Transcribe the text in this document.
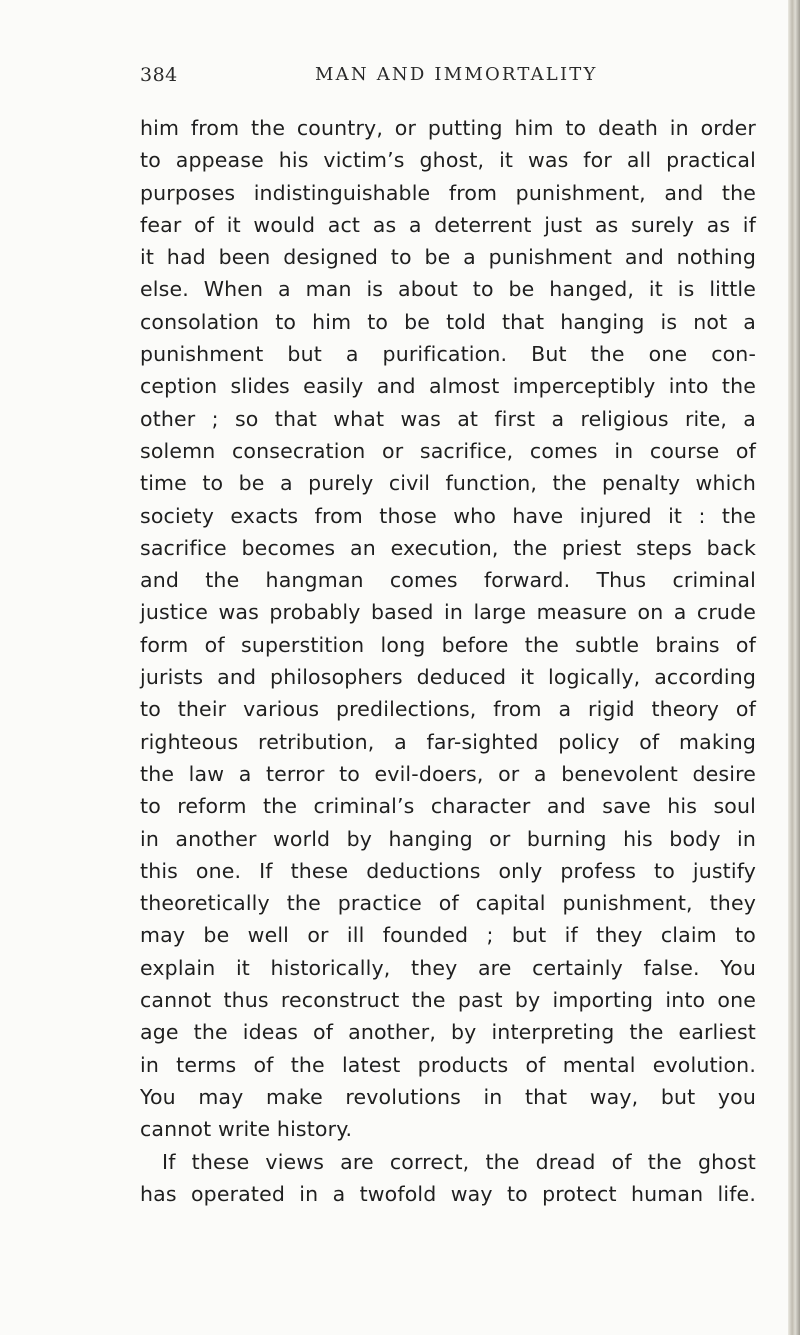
384	MAN AND IMMORTALITY
him from the country, or putting him to death in order
to appease his victim’s ghost, it was for all practical
purposes indistinguishable from punishment, and the
fear of it would act as a deterrent just as surely as if
it had been designed to be a punishment and nothing
else. When a man is about to be hanged, it is little
consolation to him to be told that hanging is not a
punishment but a purification. But the one con-
ception slides easily and almost imperceptibly into the
other ; so that what was at first a religious rite, a
solemn consecration or sacrifice, comes in course of
time to be a purely civil function, the penalty which
society exacts from those who have injured it : the
sacrifice becomes an execution, the priest steps back
and the hangman comes forward. Thus criminal
justice was probably based in large measure on a crude
form of superstition long before the subtle brains of
jurists and philosophers deduced it logically, according
to their various predilections, from a rigid theory of
righteous retribution, a far-sighted policy of making
the law a terror to evil-doers, or a benevolent desire
to reform the criminal’s character and save his soul
in another world by hanging or burning his body in
this one. If these deductions only profess to justify
theoretically the practice of capital punishment, they
may be well or ill founded ; but if they claim to
explain it historically, they are certainly false. You
cannot thus reconstruct the past by importing into one
age the ideas of another, by interpreting the earliest
in terms of the latest products of mental evolution.
You may make revolutions in that way, but you
cannot write history.
If these views are correct, the dread of the ghost
has operated in a twofold way to protect human life.
